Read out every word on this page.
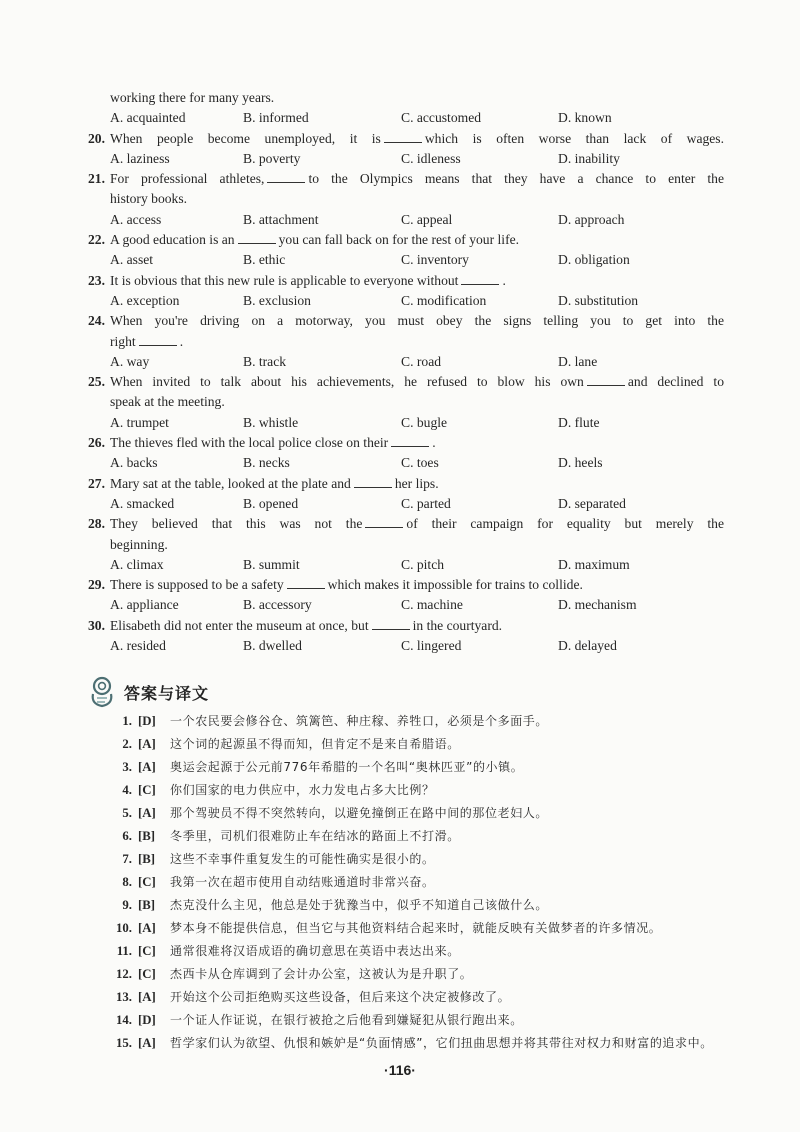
working there for many years.
A. acquainted	B. informed	C. accustomed	D. known
20. When people become unemployed, it is	which is often worse than lack of wages.
A. laziness	B. poverty	C. idleness	D. inability
21. For professional athletes,	to the Olympics means that they have a chance to enter the
history books.
A. access	B. attachment	C. appeal	D. approach
22. A good education is an	you can fall back on for the rest of your life.
A. asset	B. ethic	C. inventory	D. obligation
23. It is obvious that this new rule is applicable to everyone without	.
A. exception	B. exclusion	C. modification	D. substitution
24. When you're driving on a motorway, you must obey the signs telling you to get into the
right	.
A. way	B. track	C. road	D. lane
25. When invited to talk about his achievements, he refused to blow his own	and declined to
speak at the meeting.
A. trumpet	B. whistle	C. bugle	D. flute
26. The thieves fled with the local police close on their	.
A. backs	B. necks	C. toes	D. heels
27. Mary sat at the table, looked at the plate and	her lips.
A. smacked	B. opened	C. parted	D. separated
28. They believed that this was not the	of their campaign for equality but merely the
beginning.
A. climax	B. summit	C. pitch	D. maximum
29. There is supposed to be a safety	which makes it impossible for trains to collide.
A. appliance	B. accessory	C. machine	D. mechanism
30. Elisabeth did not enter the museum at once, but	in the courtyard.
A. resided	B. dwelled	C. lingered	D. delayed
答案与译文
1. [D]	一个农民要会修谷仓、筑篱笆、种庄稼、养牲口，必须是个多面手。
2. [A]	这个词的起源虽不得而知，但肯定不是来自希腊语。
3. [A]	奥运会起源于公元前776年希腊的一个名叫“奥林匹亚”的小镇。
4. [C]	你们国家的电力供应中，水力发电占多大比例？
5. [A]	那个驾驶员不得不突然转向，以避免撞倒正在路中间的那位老妇人。
6. [B]	冬季里，司机们很难防止车在结冰的路面上不打滑。
7. [B]	这些不幸事件重复发生的可能性确实是很小的。
8. [C]	我第一次在超市使用自动结账通道时非常兴奋。
9. [B]	杰克没什么主见，他总是处于犹豫当中，似乎不知道自己该做什么。
10. [A]	梦本身不能提供信息，但当它与其他资料结合起来时，就能反映有关做梦者的许多情况。
11. [C]	通常很难将汉语成语的确切意思在英语中表达出来。
12. [C]	杰西卡从仓库调到了会计办公室，这被认为是升职了。
13. [A]	开始这个公司拒绝购买这些设备，但后来这个决定被修改了。
14. [D]	一个证人作证说，在银行被抢之后他看到嫌疑犯从银行跑出来。
15. [A]	哲学家们认为欲望、仇恨和嫉妒是“负面情感”，它们扭曲思想并将其带往对权力和财富的追求中。
·116·
